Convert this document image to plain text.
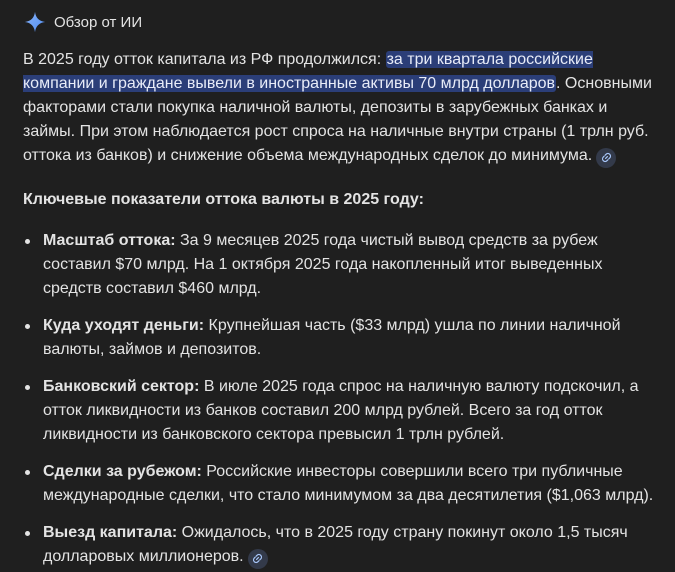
Обзор от ИИ

В 2025 году отток капитала из РФ продолжился: за три квартала российские компании и граждане вывели в иностранные активы 70 млрд долларов. Основными факторами стали покупка наличной валюты, депозиты в зарубежных банках и займы. При этом наблюдается рост спроса на наличные внутри страны (1 трлн руб. оттока из банков) и снижение объема международных сделок до минимума.

Ключевые показатели оттока валюты в 2025 году:

Масштаб оттока: За 9 месяцев 2025 года чистый вывод средств за рубеж составил $70 млрд. На 1 октября 2025 года накопленный итог выведенных средств составил $460 млрд.
Куда уходят деньги: Крупнейшая часть ($33 млрд) ушла по линии наличной валюты, займов и депозитов.
Банковский сектор: В июле 2025 года спрос на наличную валюту подскочил, а отток ликвидности из банков составил 200 млрд рублей. Всего за год отток ликвидности из банковского сектора превысил 1 трлн рублей.
Сделки за рубежом: Российские инвесторы совершили всего три публичные международные сделки, что стало минимумом за два десятилетия ($1,063 млрд).
Выезд капитала: Ожидалось, что в 2025 году страну покинут около 1,5 тысяч долларовых миллионеров.
